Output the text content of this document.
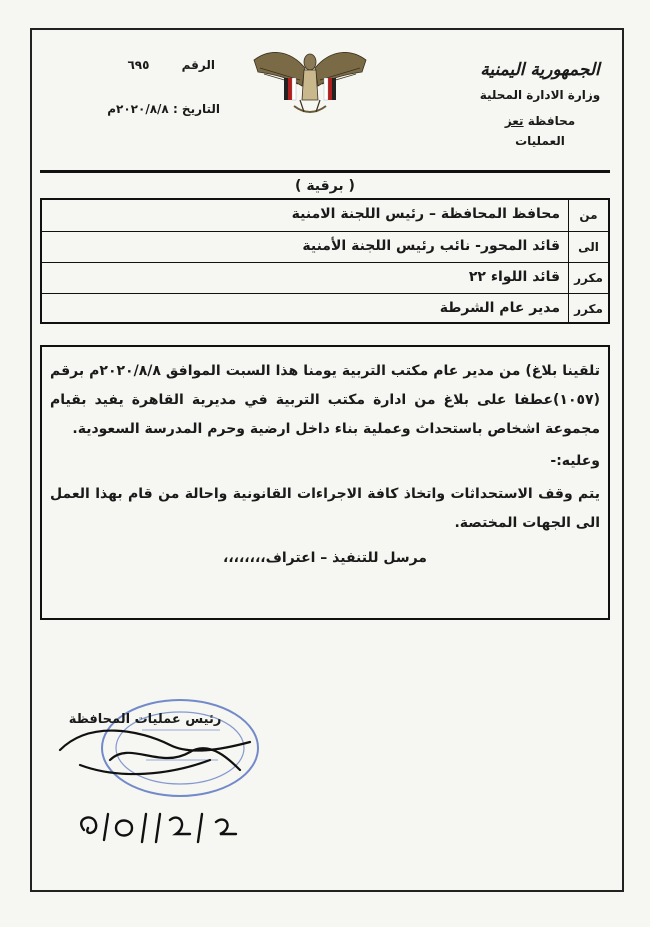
الجمهورية اليمنية
وزارة الادارة المحلية
محافظة تعز
العمليات
الرقم ٦٩٥
التاريخ : ٢٠٢٠/٨/٨م
( برقية )
من
محافظ المحافظة – رئيس اللجنة الامنية
الى
قائد المحور- نائب رئيس اللجنة الأمنية
مكرر
قائد اللواء ٢٢
مكرر
مدير عام الشرطة

تلقينا بلاغ) من مدير عام مكتب التربية يومنا هذا السبت الموافق ٢٠٢٠/٨/٨م برقم (١٠٥٧)عطفا على بلاغ من ادارة مكتب التربية في مديرية القاهرة يفيد بقيام مجموعة اشخاص باستحداث وعملية بناء داخل ارضية وحرم المدرسة السعودية.

وعليه:-

يتم وقف الاستحداثات واتخاذ كافة الاجراءات القانونية واحالة من قام بهذا العمل الى الجهات المختصة.

مرسل للتنفيذ – اعتراف،،،،،،،،

رئيس عمليات المحافظة
